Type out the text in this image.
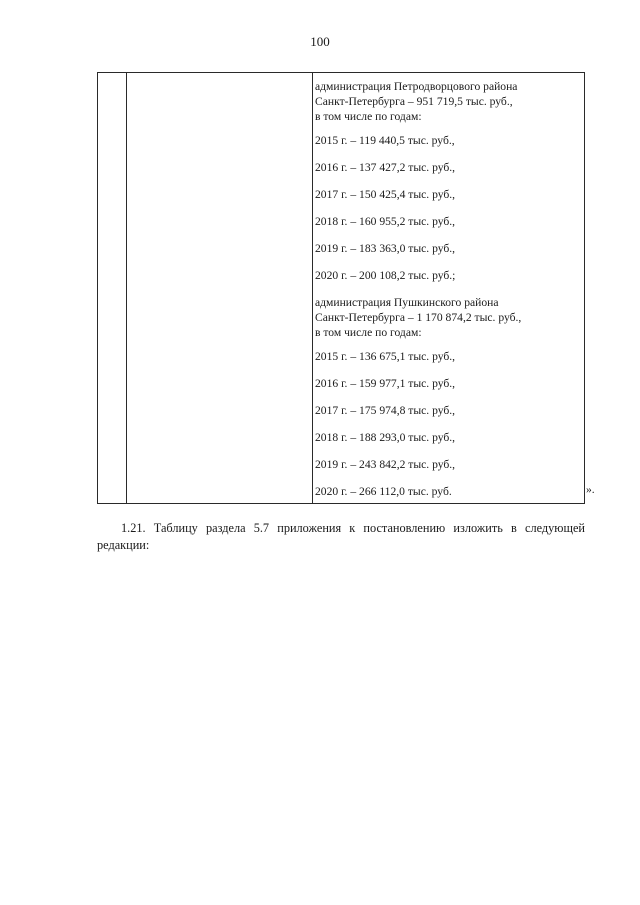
100
администрация Петродворцового района
Санкт-Петербурга – 951 719,5 тыс. руб.,
в том числе по годам:
2015 г. – 119 440,5 тыс. руб.,
2016 г. – 137 427,2 тыс. руб.,
2017 г. – 150 425,4 тыс. руб.,
2018 г. – 160 955,2 тыс. руб.,
2019 г. – 183 363,0 тыс. руб.,
2020 г. – 200 108,2 тыс. руб.;
администрация Пушкинского района
Санкт-Петербурга – 1 170 874,2 тыс. руб.,
в том числе по годам:
2015 г. – 136 675,1 тыс. руб.,
2016 г. – 159 977,1 тыс. руб.,
2017 г. – 175 974,8 тыс. руб.,
2018 г. – 188 293,0 тыс. руб.,
2019 г. – 243 842,2 тыс. руб.,
2020 г. – 266 112,0 тыс. руб.	».
1.21. Таблицу раздела 5.7 приложения к постановлению изложить в следующей редакции:
